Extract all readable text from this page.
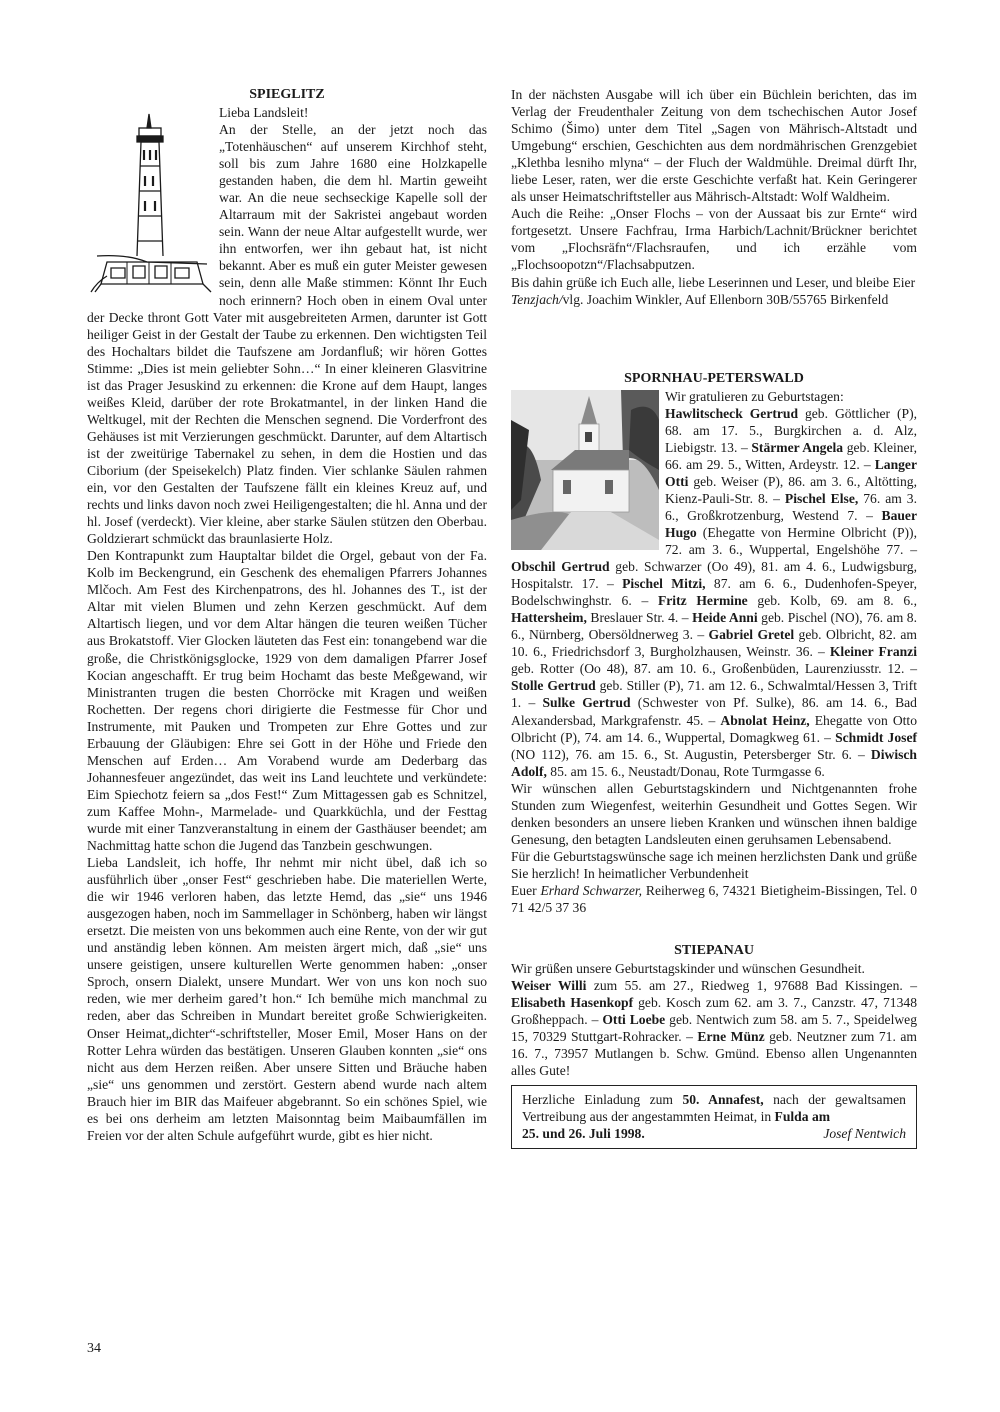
SPIEGLITZ

Lieba Landsleit!

An der Stelle, an der jetzt noch das „Totenhäuschen“ auf unserem Kirchhof steht, soll bis zum Jahre 1680 eine Holzkapelle gestanden haben, die dem hl. Martin geweiht war. An die neue sechseckige Kapelle soll der Altarraum mit der Sakristei angebaut worden sein. Wann der neue Altar aufgestellt wurde, wer ihn entworfen, wer ihn gebaut hat, ist nicht bekannt. Aber es muß ein guter Meister gewesen sein, denn alle Maße stimmen: Könnt Ihr Euch noch erinnern? Hoch oben in einem Oval unter der Decke thront Gott Vater mit ausgebreiteten Armen, darunter ist Gott heiliger Geist in der Gestalt der Taube zu erkennen. Den wichtigsten Teil des Hochaltars bildet die Taufszene am Jordanfluß; wir hören Gottes Stimme: „Dies ist mein geliebter Sohn…“ In einer kleineren Glasvitrine ist das Prager Jesuskind zu erkennen: die Krone auf dem Haupt, langes weißes Kleid, darüber der rote Brokatmantel, in der linken Hand die Weltkugel, mit der Rechten die Menschen segnend. Die Vorderfront des Gehäuses ist mit Verzierungen geschmückt. Darunter, auf dem Altartisch ist der zweitürige Tabernakel zu sehen, in dem die Hostien und das Ciborium (der Speisekelch) Platz finden. Vier schlanke Säulen rahmen ein, vor den Gestalten der Taufszene fällt ein kleines Kreuz auf, und rechts und links davon noch zwei Heiligengestalten; die hl. Anna und der hl. Josef (verdeckt). Vier kleine, aber starke Säulen stützen den Oberbau. Goldzierart schmückt das braunlasierte Holz.

Den Kontrapunkt zum Hauptaltar bildet die Orgel, gebaut von der Fa. Kolb im Beckengrund, ein Geschenk des ehemaligen Pfarrers Johannes Mlčoch. Am Fest des Kirchenpatrons, des hl. Johannes des T., ist der Altar mit vielen Blumen und zehn Kerzen geschmückt. Auf dem Altartisch liegen, und vor dem Altar hängen die teuren weißen Tücher aus Brokatstoff. Vier Glocken läuteten das Fest ein: tonangebend war die große, die Christkönigsglocke, 1929 von dem damaligen Pfarrer Josef Kocian angeschafft. Er trug beim Hochamt das beste Meßgewand, wir Ministranten trugen die besten Chorröcke mit Kragen und weißen Rochetten. Der regens chori dirigierte die Festmesse für Chor und Instrumente, mit Pauken und Trompeten zur Ehre Gottes und zur Erbauung der Gläubigen: Ehre sei Gott in der Höhe und Friede den Menschen auf Erden… Am Vorabend wurde am Dederbarg das Johannesfeuer angezündet, das weit ins Land leuchtete und verkündete: Eim Spiechotz feiern sa „dos Fest!“ Zum Mittagessen gab es Schnitzel, zum Kaffee Mohn-, Marmelade- und Quarkküchla, und der Festtag wurde mit einer Tanzveranstaltung in einem der Gasthäuser beendet; am Nachmittag hatte schon die Jugend das Tanzbein geschwungen.

Lieba Landsleit, ich hoffe, Ihr nehmt mir nicht übel, daß ich so ausführlich über „onser Fest“ geschrieben habe. Die materiellen Werte, die wir 1946 verloren haben, das letzte Hemd, das „sie“ uns 1946 ausgezogen haben, noch im Sammellager in Schönberg, haben wir längst ersetzt. Die meisten von uns bekommen auch eine Rente, von der wir gut und anständig leben können. Am meisten ärgert mich, daß „sie“ uns unsere geistigen, unsere kulturellen Werte genommen haben: „onser Sproch, onsern Dialekt, unsere Mundart. Wer von uns kon noch suo reden, wie mer derheim gared’t hon.“ Ich bemühe mich manchmal zu reden, aber das Schreiben in Mundart bereitet große Schwierigkeiten. Onser Heimat„dichter“-schriftsteller, Moser Emil, Moser Hans on der Rotter Lehra würden das bestätigen. Unseren Glauben konnten „sie“ ons nicht aus dem Herzen reißen. Aber unsere Sitten und Bräuche haben „sie“ uns genommen und zerstört. Gestern abend wurde nach altem Brauch hier im BIR das Maifeuer abgebrannt. So ein schönes Spiel, wie es bei ons derheim am letzten Maisonntag beim Maibaumfällen im Freien vor der alten Schule aufgeführt wurde, gibt es hier nicht.

In der nächsten Ausgabe will ich über ein Büchlein berichten, das im Verlag der Freudenthaler Zeitung von dem tschechischen Autor Josef Schimo (Šimo) unter dem Titel „Sagen von Mährisch-Altstadt und Umgebung“ erschien, Geschichten aus dem nordmährischen Grenzgebiet „Klethba lesniho mlyna“ – der Fluch der Waldmühle. Dreimal dürft Ihr, liebe Leser, raten, wer die erste Geschichte verfaßt hat. Kein Geringerer als unser Heimatschriftsteller aus Mährisch-Altstadt: Wolf Waldheim.

Auch die Reihe: „Onser Flochs – von der Aussaat bis zur Ernte“ wird fortgesetzt. Unsere Fachfrau, Irma Harbich/Lachnit/Brückner berichtet vom „Flochsräfn“/Flachsraufen, und ich erzähle vom „Flochsoopotzn“/Flachsabputzen.

Bis dahin grüße ich Euch alle, liebe Leserinnen und Leser, und bleibe Eier

Tenzjach/vlg. Joachim Winkler, Auf Ellenborn 30B/55765 Birkenfeld

SPORNHAU-PETERSWALD

Wir gratulieren zu Geburtstagen:

Hawlitscheck Gertrud geb. Göttlicher (P), 68. am 17. 5., Burgkirchen a. d. Alz, Liebigstr. 13. – Stärmer Angela geb. Kleiner, 66. am 29. 5., Witten, Ardeystr. 12. – Langer Otti geb. Weiser (P), 86. am 3. 6., Altötting, Kienz-Pauli-Str. 8. – Pischel Else, 76. am 3. 6., Großkrotzenburg, Westend 7. – Bauer Hugo (Ehegatte von Hermine Olbricht (P)), 72. am 3. 6., Wuppertal, Engelshöhe 77. – Obschil Gertrud geb. Schwarzer (Oo 49), 81. am 4. 6., Ludwigsburg, Hospitalstr. 17. – Pischel Mitzi, 87. am 6. 6., Dudenhofen-Speyer, Bodelschwinghstr. 6. – Fritz Hermine geb. Kolb, 69. am 8. 6., Hattersheim, Breslauer Str. 4. – Heide Anni geb. Pischel (NO), 76. am 8. 6., Nürnberg, Obersöldnerweg 3. – Gabriel Gretel geb. Olbricht, 82. am 10. 6., Friedrichsdorf 3, Burgholzhausen, Weinstr. 36. – Kleiner Franzi geb. Rotter (Oo 48), 87. am 10. 6., Großenbüden, Laurenziusstr. 12. – Stolle Gertrud geb. Stiller (P), 71. am 12. 6., Schwalmtal/Hessen 3, Trift 1. – Sulke Gertrud (Schwester von Pf. Sulke), 86. am 14. 6., Bad Alexandersbad, Markgrafenstr. 45. – Abnolat Heinz, Ehegatte von Otto Olbricht (P), 74. am 14. 6., Wuppertal, Domagkweg 61. – Schmidt Josef (NO 112), 76. am 15. 6., St. Augustin, Petersberger Str. 6. – Diwisch Adolf, 85. am 15. 6., Neustadt/Donau, Rote Turmgasse 6.

Wir wünschen allen Geburtstagskindern und Nichtgenannten frohe Stunden zum Wiegenfest, weiterhin Gesundheit und Gottes Segen. Wir denken besonders an unsere lieben Kranken und wünschen ihnen baldige Genesung, den betagten Landsleuten einen geruhsamen Lebensabend.

Für die Geburtstagswünsche sage ich meinen herzlichsten Dank und grüße Sie herzlich! In heimatlicher Verbundenheit

Euer Erhard Schwarzer, Reiherweg 6, 74321 Bietigheim-Bissingen, Tel. 0 71 42/5 37 36

STIEPANAU

Wir grüßen unsere Geburtstagskinder und wünschen Gesundheit.

Weiser Willi zum 55. am 27., Riedweg 1, 97688 Bad Kissingen. – Elisabeth Hasenkopf geb. Kosch zum 62. am 3. 7., Canzstr. 47, 71348 Großheppach. – Otti Loebe geb. Nentwich zum 58. am 5. 7., Speidelweg 15, 70329 Stuttgart-Rohracker. – Erne Münz geb. Neutzner zum 71. am 16. 7., 73957 Mutlangen b. Schw. Gmünd. Ebenso allen Ungenannten alles Gute!

Herzliche Einladung zum 50. Annafest, nach der gewaltsamen Vertreibung aus der angestammten Heimat, in Fulda am
25. und 26. Juli 1998.	Josef Nentwich
34
